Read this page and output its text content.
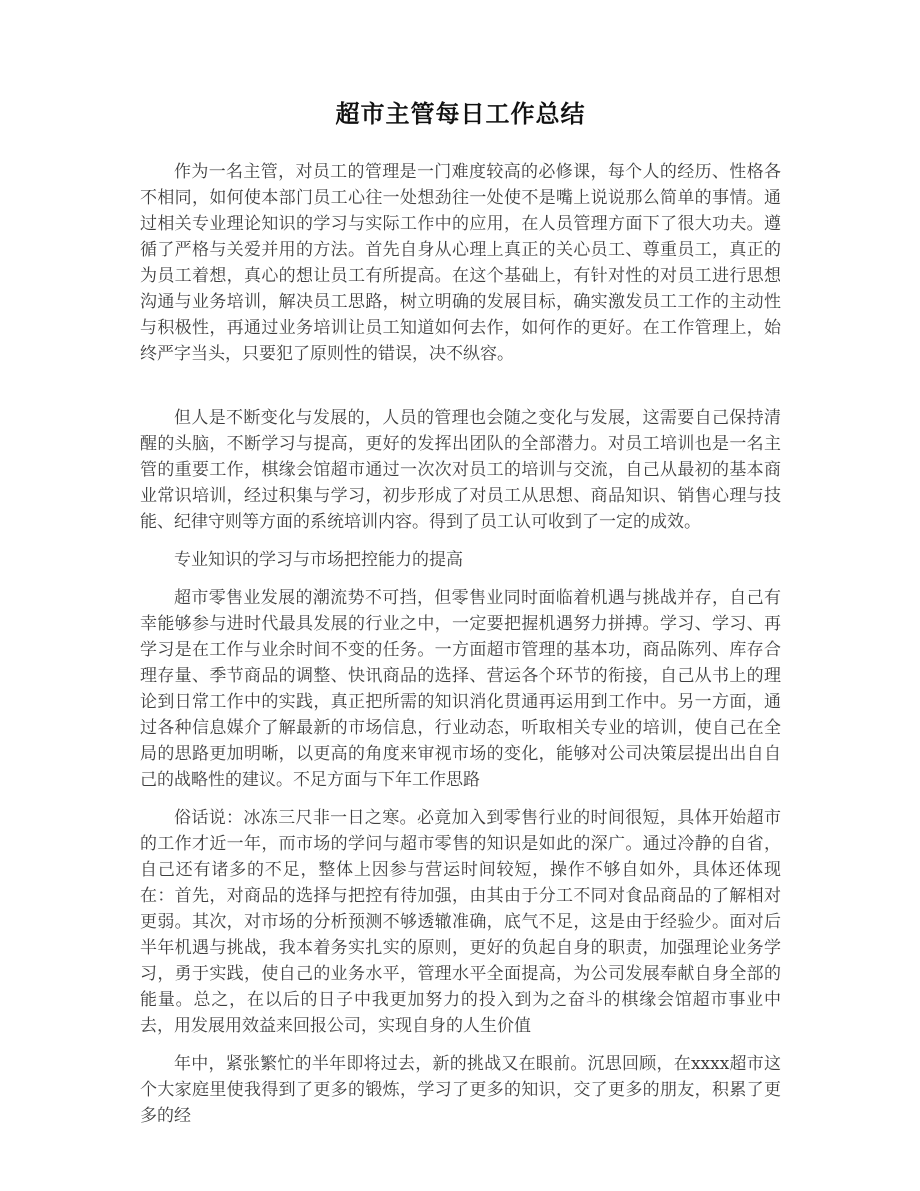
超市主管每日工作总结

作为一名主管，对员工的管理是一门难度较高的必修课，每个人的经历、性格各不相同，如何使本部门员工心往一处想劲往一处使不是嘴上说说那么简单的事情。通过相关专业理论知识的学习与实际工作中的应用，在人员管理方面下了很大功夫。遵循了严格与关爱并用的方法。首先自身从心理上真正的关心员工、尊重员工，真正的为员工着想，真心的想让员工有所提高。在这个基础上，有针对性的对员工进行思想沟通与业务培训，解决员工思路，树立明确的发展目标，确实激发员工工作的主动性与积极性，再通过业务培训让员工知道如何去作，如何作的更好。在工作管理上，始终严字当头，只要犯了原则性的错误，决不纵容。

但人是不断变化与发展的，人员的管理也会随之变化与发展，这需要自己保持清醒的头脑，不断学习与提高，更好的发挥出团队的全部潜力。对员工培训也是一名主管的重要工作，棋缘会馆超市通过一次次对员工的培训与交流，自己从最初的基本商业常识培训，经过积集与学习，初步形成了对员工从思想、商品知识、销售心理与技能、纪律守则等方面的系统培训内容。得到了员工认可收到了一定的成效。

专业知识的学习与市场把控能力的提高

超市零售业发展的潮流势不可挡，但零售业同时面临着机遇与挑战并存，自己有幸能够参与进时代最具发展的行业之中，一定要把握机遇努力拼搏。学习、学习、再学习是在工作与业余时间不变的任务。一方面超市管理的基本功，商品陈列、库存合理存量、季节商品的调整、快讯商品的选择、营运各个环节的衔接，自己从书上的理论到日常工作中的实践，真正把所需的知识消化贯通再运用到工作中。另一方面，通过各种信息媒介了解最新的市场信息，行业动态，听取相关专业的培训，使自己在全局的思路更加明晰，以更高的角度来审视市场的变化，能够对公司决策层提出出自自己的战略性的建议。不足方面与下年工作思路

俗话说：冰冻三尺非一日之寒。必竟加入到零售行业的时间很短，具体开始超市的工作才近一年，而市场的学问与超市零售的知识是如此的深广。通过冷静的自省，自己还有诸多的不足，整体上因参与营运时间较短，操作不够自如外，具体还体现在：首先，对商品的选择与把控有待加强，由其由于分工不同对食品商品的了解相对更弱。其次，对市场的分析预测不够透辙准确，底气不足，这是由于经验少。面对后半年机遇与挑战，我本着务实扎实的原则，更好的负起自身的职责，加强理论业务学习，勇于实践，使自己的业务水平，管理水平全面提高，为公司发展奉献自身全部的能量。总之，在以后的日子中我更加努力的投入到为之奋斗的棋缘会馆超市事业中去，用发展用效益来回报公司，实现自身的人生价值

年中，紧张繁忙的半年即将过去，新的挑战又在眼前。沉思回顾，在xxxx超市这个大家庭里使我得到了更多的锻炼，学习了更多的知识，交了更多的朋友，积累了更多的经
